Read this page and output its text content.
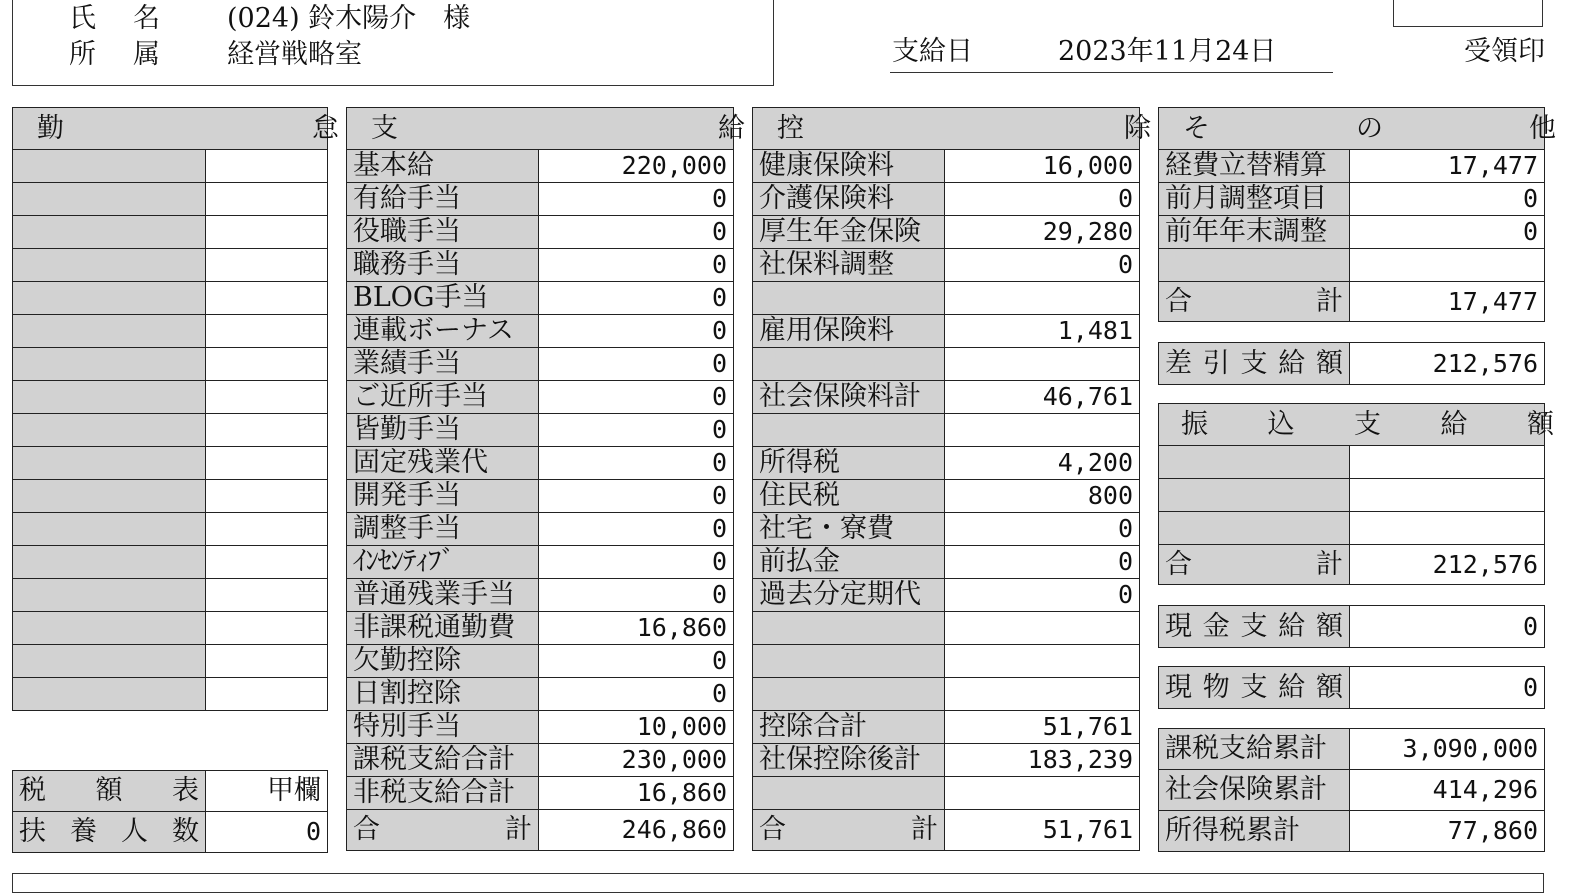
氏 名 (024) 鈴木陽介　様
所 属 経営戦略室	支給日	2023年11月24日	受領印
勤 怠	

税 額 表	甲欄

扶 養 人 数	0
支 給	

基本給	220,000
有給手当	0
役職手当	0
職務手当	0
BLOG手当	0
連載ボーナス	0
業績手当	0
ご近所手当	0
皆勤手当	0
固定残業代	0
開発手当	0
調整手当	0
ｲﾝｾﾝﾃｨﾌﾞ	0
普通残業手当	0
非課税通勤費	16,860
欠勤控除	0
日割控除	0
特別手当	10,000
課税支給合計	230,000
非税支給合計	16,860

合 計	246,860
控 除	

健康保険料	16,000
介護保険料	0
厚生年金保険	29,280
社保料調整	0

雇用保険料	1,481

社会保険料計	46,761

所得税	4,200
住民税	800
社宅・寮費	0
前払金	0
過去分定期代	0

控除合計	51,761
社保控除後計	183,239

合 計	51,761
そ の 他	

経費立替精算	17,477
前月調整項目	0
前年年末調整	0

合 計	17,477
差 引 支 給 額	212,576
振 込 支 給 額	

合 計	212,576
現 金 支 給 額	0
現 物 支 給 額	0
課税支給累計	3,090,000
社会保険累計	414,296
所得税累計	77,860
